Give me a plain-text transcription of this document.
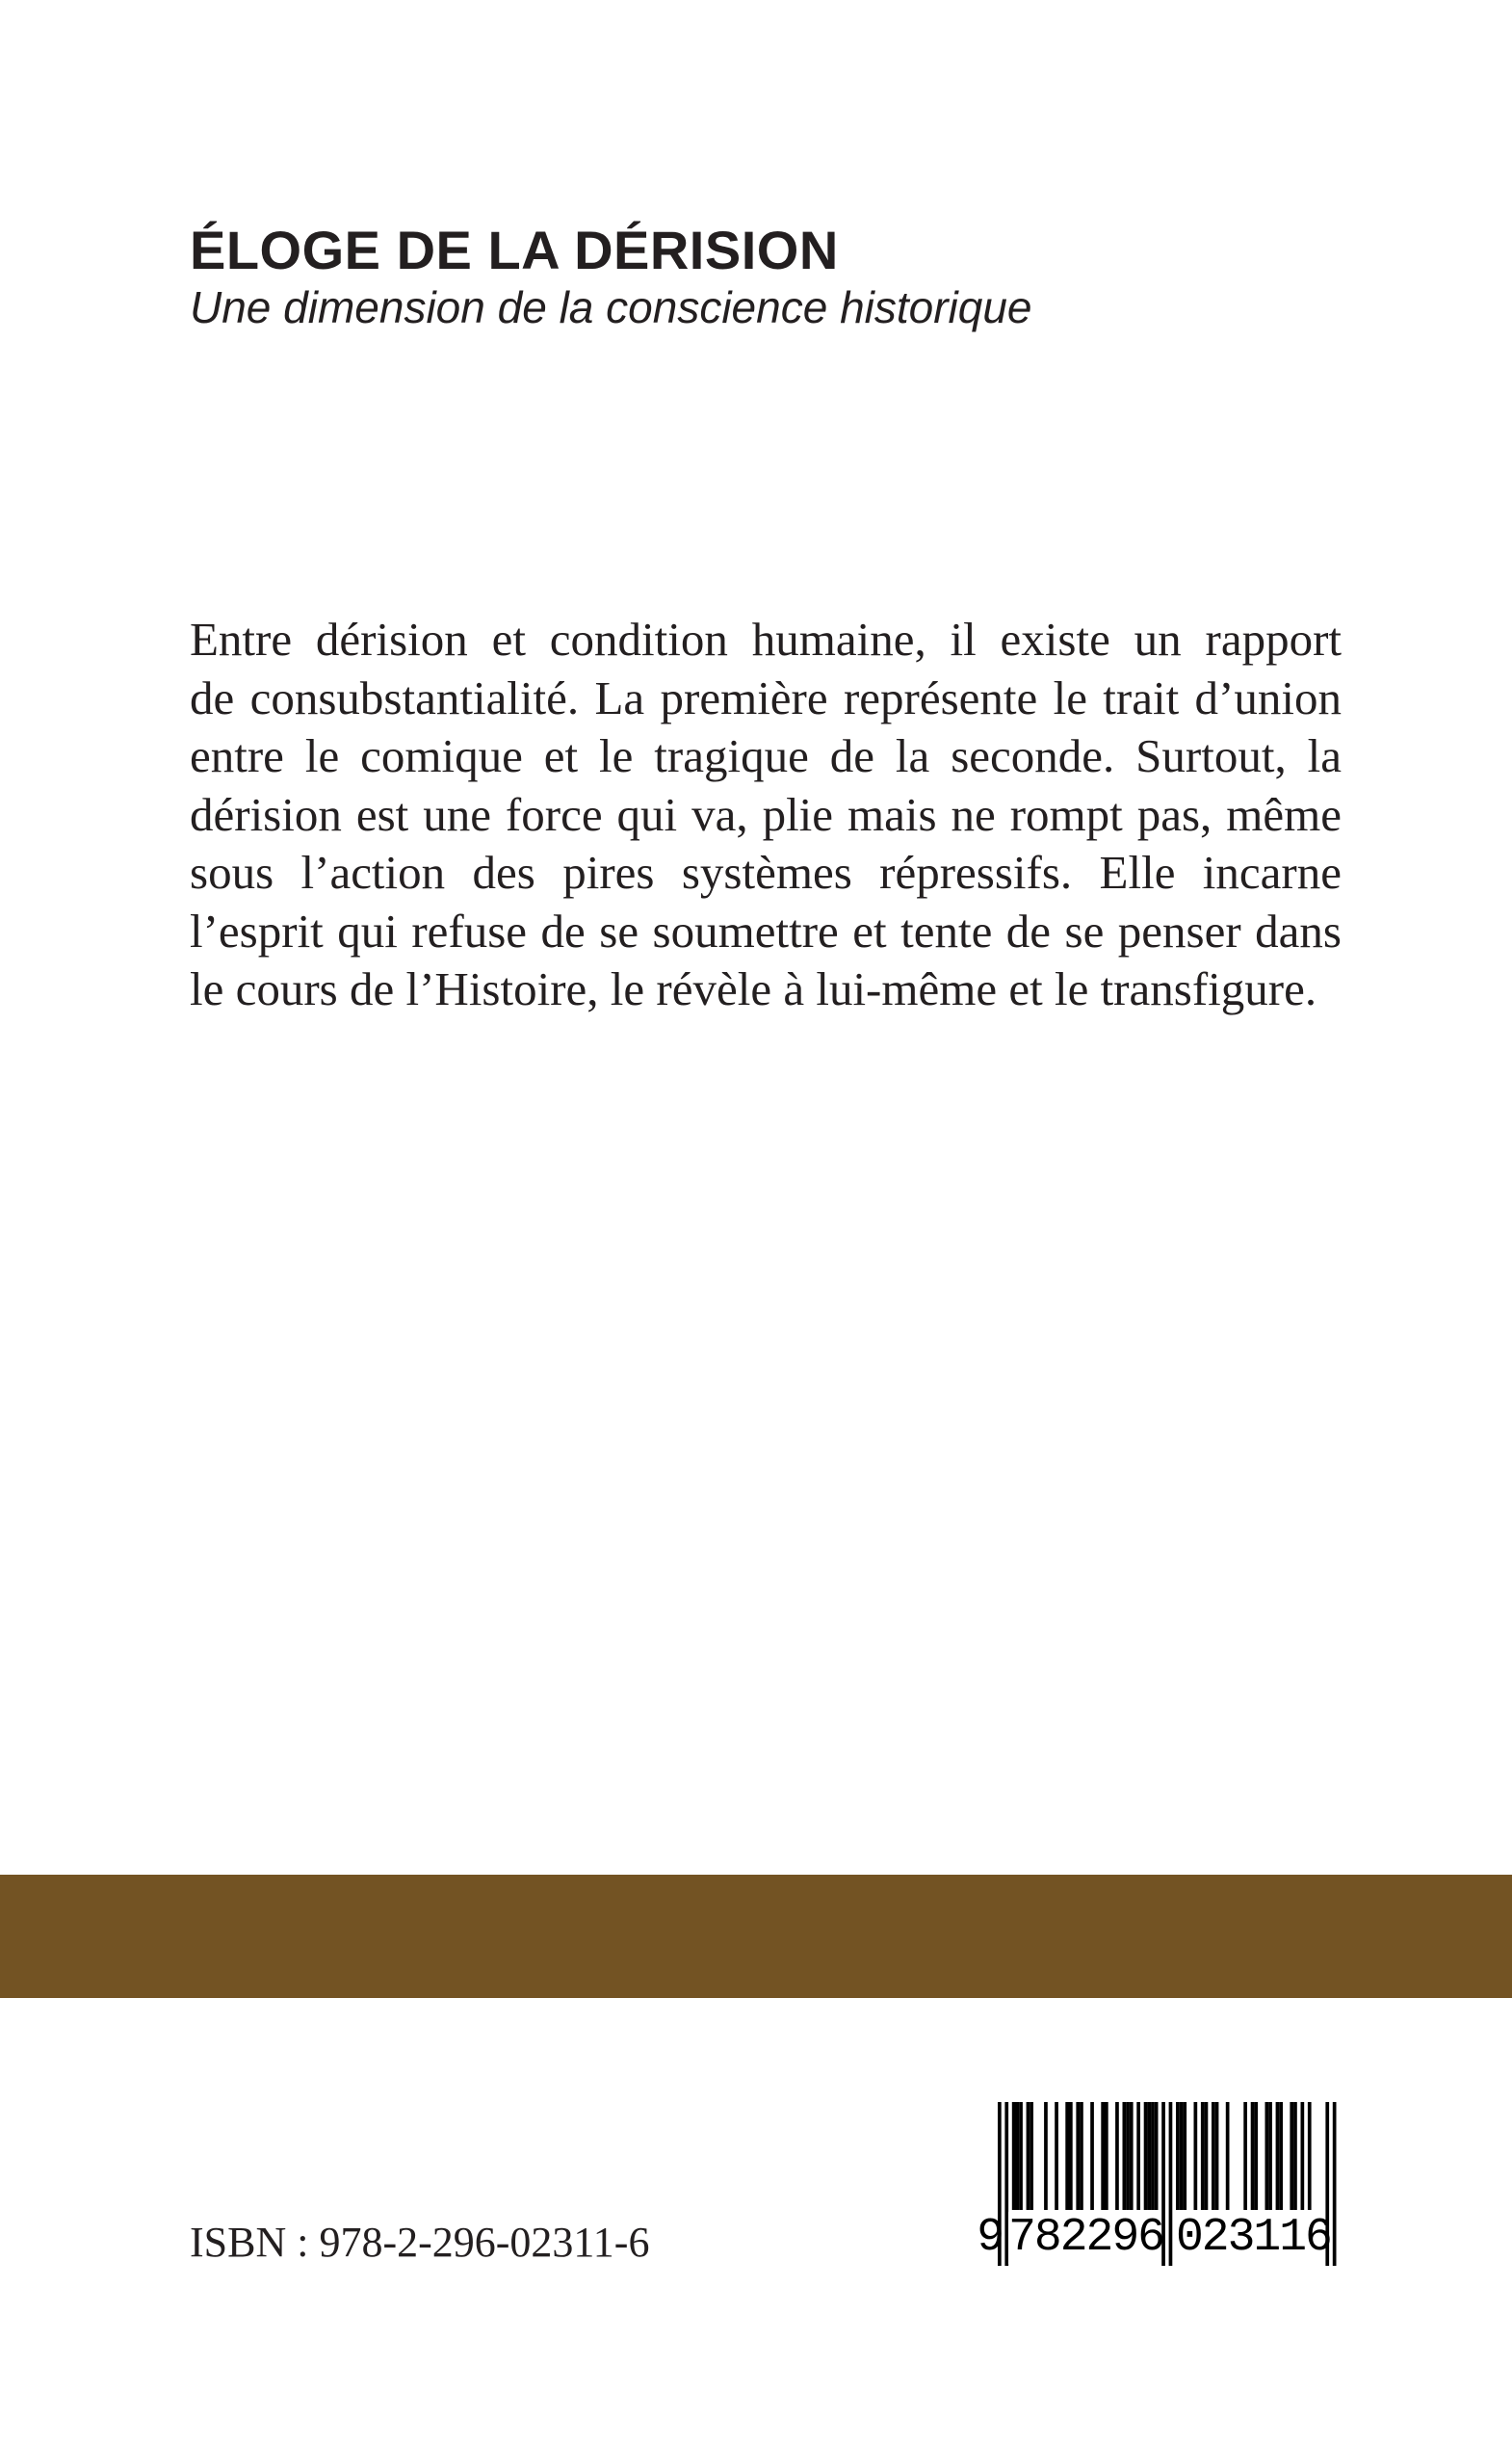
ÉLOGE DE LA DÉRISION

Une dimension de la conscience historique

Entre dérision et condition humaine, il existe un rapport
de consubstantialité. La première représente le trait d’union
entre le comique et le tragique de la seconde. Surtout, la
dérision est une force qui va, plie mais ne rompt pas, même
sous l’action des pires systèmes répressifs. Elle incarne
l’esprit qui refuse de se soumettre et tente de se penser dans
le cours de l’Histoire, le révèle à lui-même et le transfigure.
ISBN : 978-2-296-02311-6	9 782296 023116
